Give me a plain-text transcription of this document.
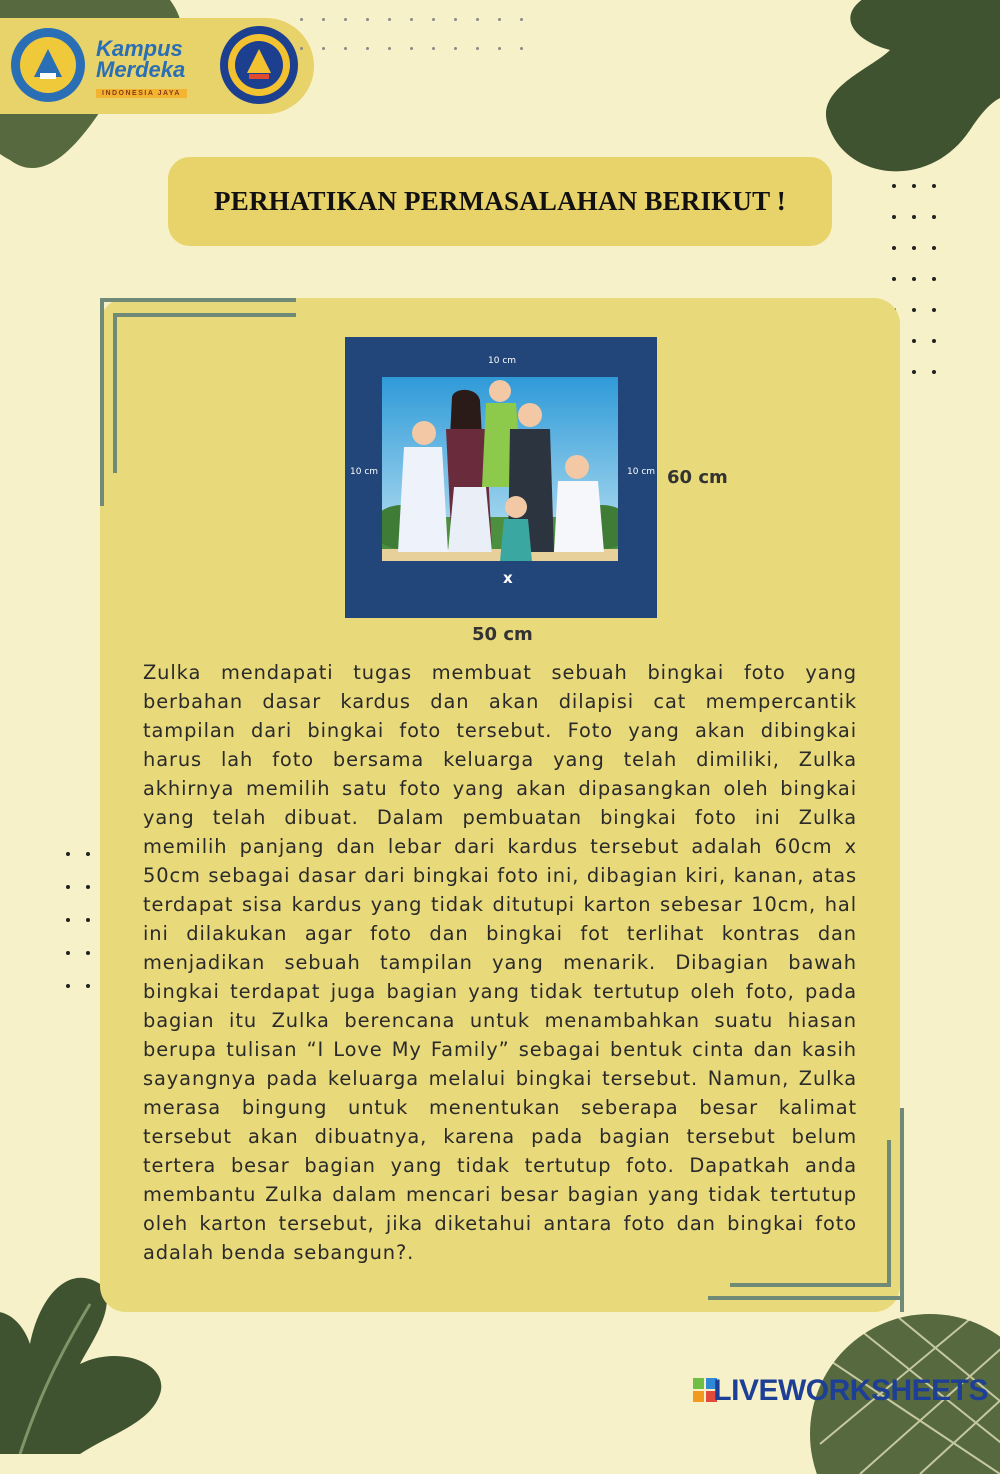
Kampus
Merdeka
INDONESIA JAYA
PERHATIKAN PERMASALAHAN BERIKUT !
10 cm
10 cm	10 cm
x
60 cm
50 cm

Zulka mendapati tugas membuat sebuah bingkai foto yang berbahan dasar kardus dan akan dilapisi cat mempercantik tampilan dari bingkai foto tersebut. Foto yang akan dibingkai harus lah foto bersama keluarga yang telah dimiliki, Zulka akhirnya memilih satu foto yang akan dipasangkan oleh bingkai yang telah dibuat. Dalam pembuatan bingkai foto ini Zulka memilih panjang dan lebar dari kardus tersebut adalah 60cm x 50cm sebagai dasar dari bingkai foto ini, dibagian kiri, kanan, atas terdapat sisa kardus yang tidak ditutupi karton sebesar 10cm, hal ini dilakukan agar foto dan bingkai fot terlihat kontras dan menjadikan sebuah tampilan yang menarik. Dibagian bawah bingkai terdapat juga bagian yang tidak tertutup oleh foto, pada bagian itu Zulka berencana untuk menambahkan suatu hiasan berupa tulisan “I Love My Family” sebagai bentuk cinta dan kasih sayangnya pada keluarga melalui bingkai tersebut. Namun, Zulka merasa bingung untuk menentukan seberapa besar kalimat tersebut akan dibuatnya, karena pada bagian tersebut belum tertera besar bagian yang tidak tertutup foto. Dapatkah anda membantu Zulka dalam mencari besar bagian yang tidak tertutup oleh karton tersebut, jika diketahui antara foto dan bingkai foto adalah benda sebangun?.

LIVEWORKSHEETS
